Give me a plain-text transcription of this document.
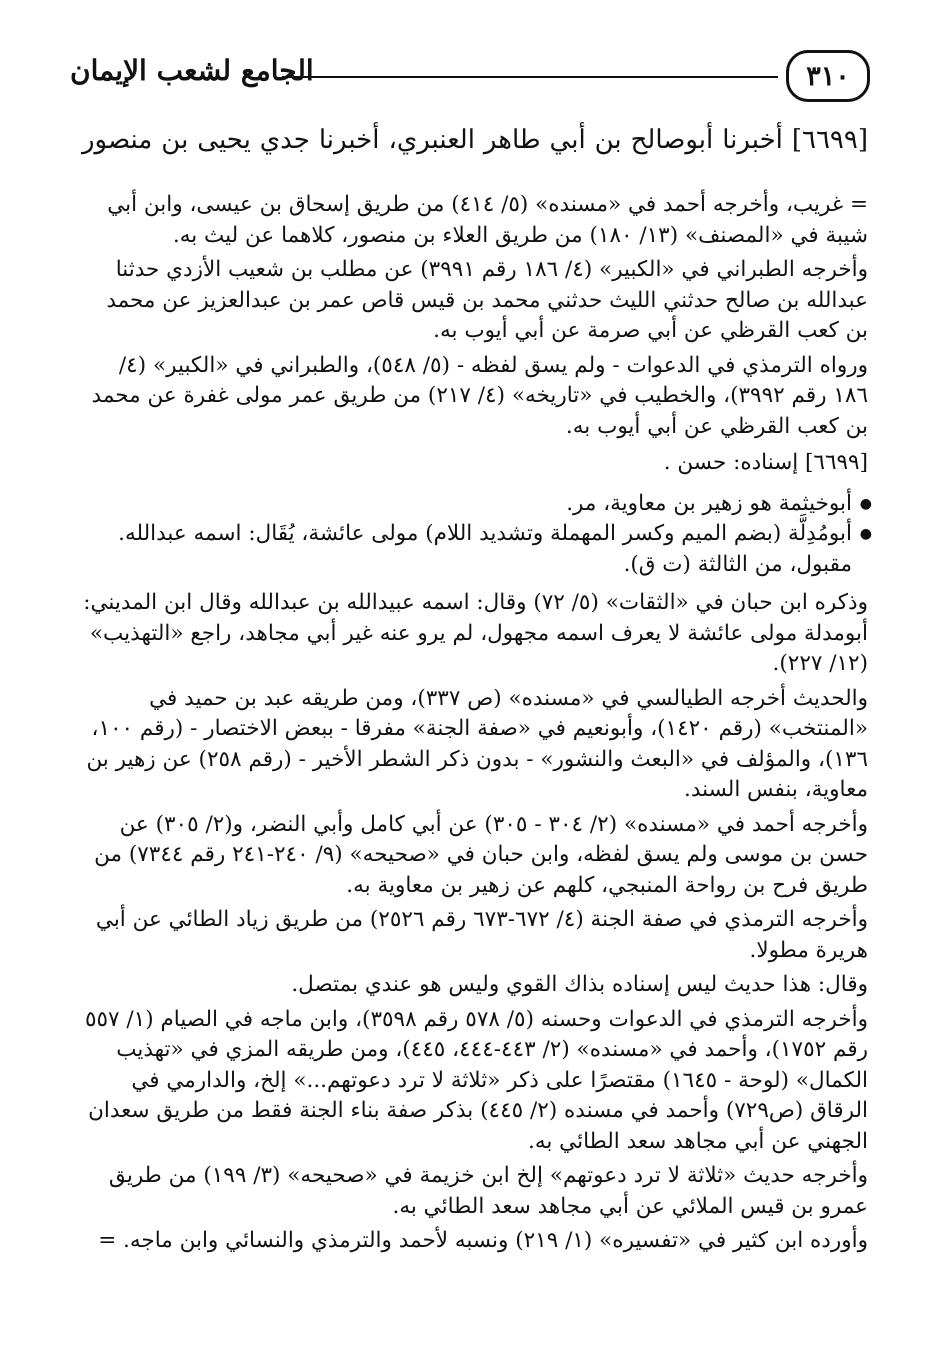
الجامع لشعب الإيمان	٣١٠
[٦٦٩٩] أخبرنا أبوصالح بن أبي طاهر العنبري، أخبرنا جدي يحيى بن منصور

= غريب، وأخرجه أحمد في «مسنده» (٥/ ٤١٤) من طريق إسحاق بن عيسى، وابن أبي شيبة في «المصنف» (١٣/ ١٨٠) من طريق العلاء بن منصور، كلاهما عن ليث به.

وأخرجه الطبراني في «الكبير» (٤/ ١٨٦ رقم ٣٩٩١) عن مطلب بن شعيب الأزدي حدثنا عبدالله بن صالح حدثني الليث حدثني محمد بن قيس قاص عمر بن عبدالعزيز عن محمد بن كعب القرظي عن أبي صرمة عن أبي أيوب به.

ورواه الترمذي في الدعوات - ولم يسق لفظه - (٥/ ٥٤٨)، والطبراني في «الكبير» (٤/ ١٨٦ رقم ٣٩٩٢)، والخطيب في «تاريخه» (٤/ ٢١٧) من طريق عمر مولى غفرة عن محمد بن كعب القرظي عن أبي أيوب به.

[٦٦٩٩] إسناده: حسن .

● أبوخيثمة هو زهير بن معاوية، مر.

● أبومُدِلَّة (بضم الميم وكسر المهملة وتشديد اللام) مولى عائشة، يُقَال: اسمه عبدالله. مقبول، من الثالثة (ت ق).

وذكره ابن حبان في «الثقات» (٥/ ٧٢) وقال: اسمه عبيدالله بن عبدالله وقال ابن المديني: أبومدلة مولى عائشة لا يعرف اسمه مجهول، لم يرو عنه غير أبي مجاهد، راجع «التهذيب» (١٢/ ٢٢٧).

والحديث أخرجه الطيالسي في «مسنده» (ص ٣٣٧)، ومن طريقه عبد بن حميد في «المنتخب» (رقم ١٤٢٠)، وأبونعيم في «صفة الجنة» مفرقا - ببعض الاختصار - (رقم ١٠٠، ١٣٦)، والمؤلف في «البعث والنشور» - بدون ذكر الشطر الأخير - (رقم ٢٥٨) عن زهير بن معاوية، بنفس السند.

وأخرجه أحمد في «مسنده» (٢/ ٣٠٤ - ٣٠٥) عن أبي كامل وأبي النضر، و(٢/ ٣٠٥) عن حسن بن موسى ولم يسق لفظه، وابن حبان في «صحيحه» (٩/ ٢٤٠-٢٤١ رقم ٧٣٤٤) من طريق فرح بن رواحة المنبجي، كلهم عن زهير بن معاوية به.

وأخرجه الترمذي في صفة الجنة (٤/ ٦٧٢-٦٧٣ رقم ٢٥٢٦) من طريق زياد الطائي عن أبي هريرة مطولا.

وقال: هذا حديث ليس إسناده بذاك القوي وليس هو عندي بمتصل.

وأخرجه الترمذي في الدعوات وحسنه (٥/ ٥٧٨ رقم ٣٥٩٨)، وابن ماجه في الصيام (١/ ٥٥٧ رقم ١٧٥٢)، وأحمد في «مسنده» (٢/ ٤٤٣-٤٤٤، ٤٤٥)، ومن طريقه المزي في «تهذيب الكمال» (لوحة - ١٦٤٥) مقتصرًا على ذكر «ثلاثة لا ترد دعوتهم...» إلخ، والدارمي في الرقاق (ص٧٢٩) وأحمد في مسنده (٢/ ٤٤٥) بذكر صفة بناء الجنة فقط من طريق سعدان الجهني عن أبي مجاهد سعد الطائي به.

وأخرجه حديث «ثلاثة لا ترد دعوتهم» إلخ ابن خزيمة في «صحيحه» (٣/ ١٩٩) من طريق عمرو بن قيس الملائي عن أبي مجاهد سعد الطائي به.

وأورده ابن كثير في «تفسيره» (١/ ٢١٩) ونسبه لأحمد والترمذي والنسائي وابن ماجه. =
